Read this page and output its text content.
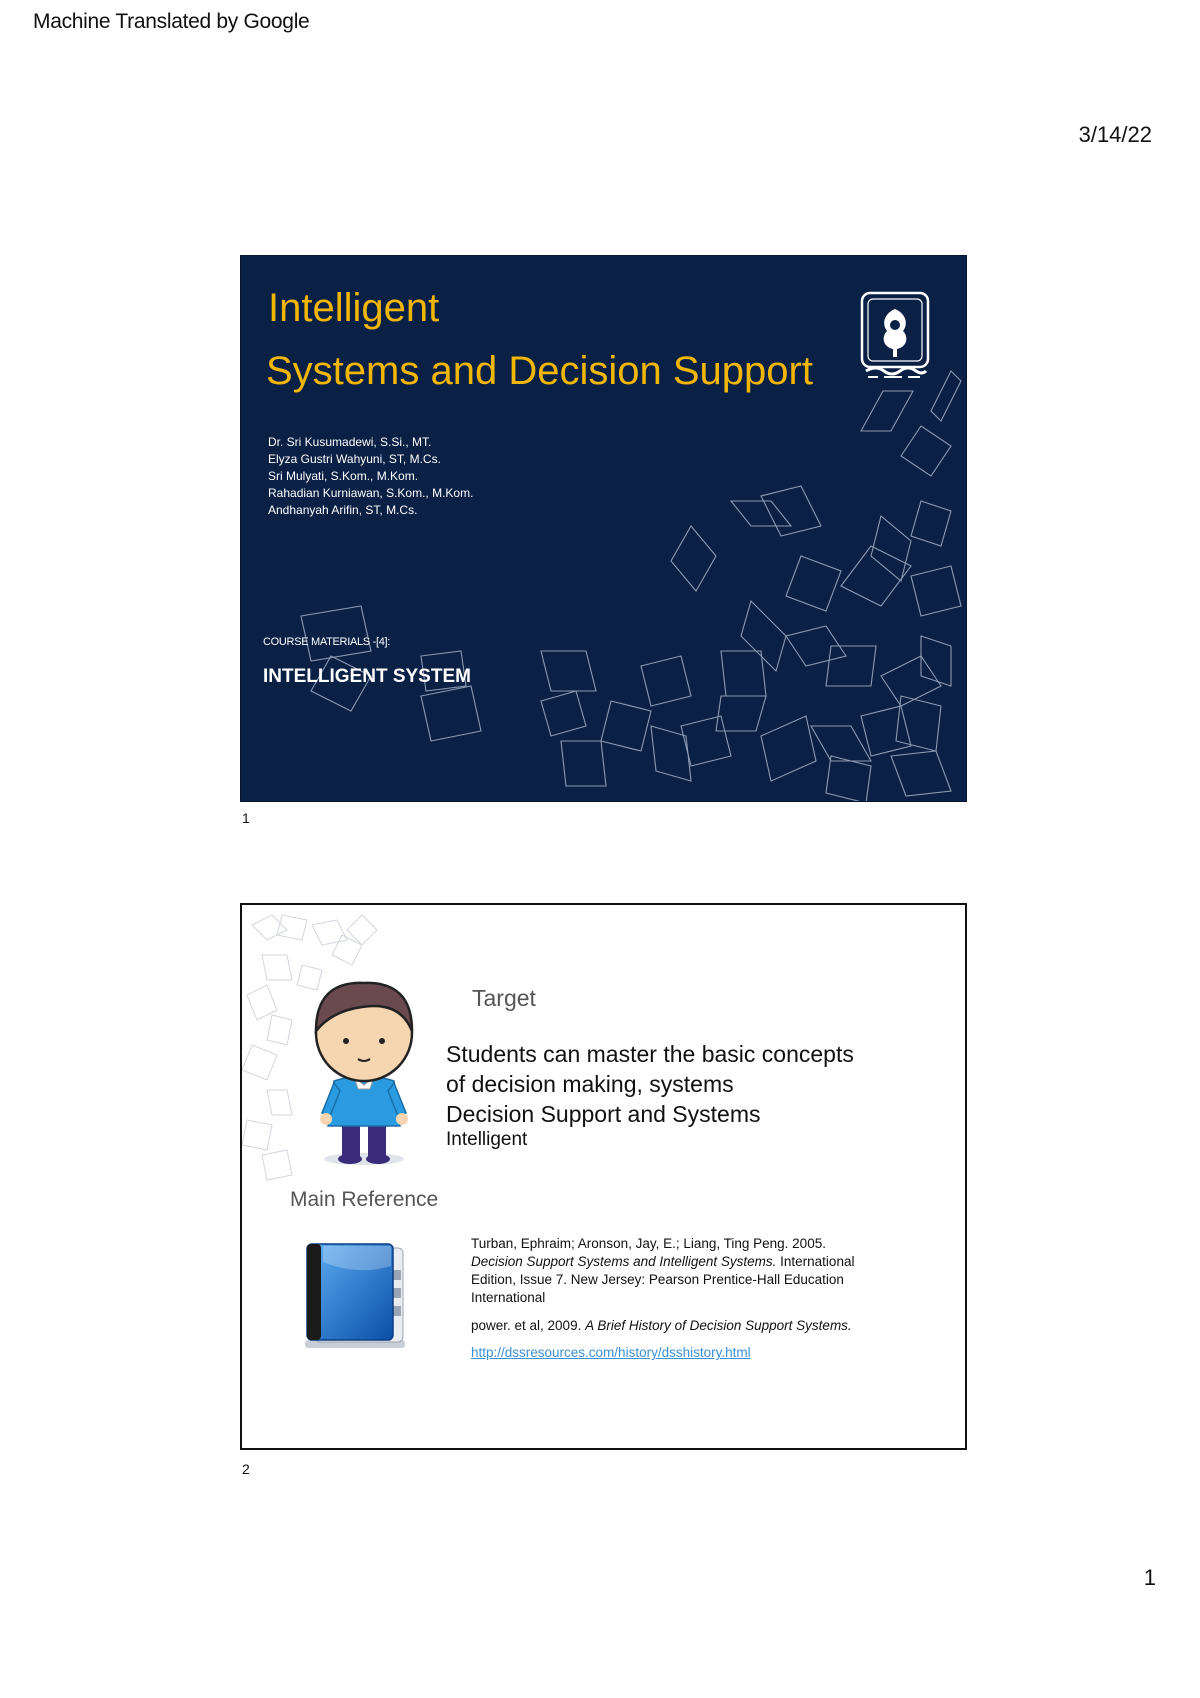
Machine Translated by Google
3/14/22
Intelligent
Systems and Decision Support
Dr. Sri Kusumadewi, S.Si., MT.
Elyza Gustri Wahyuni, ST, M.Cs.
Sri Mulyati, S.Kom., M.Kom.
Rahadian Kurniawan, S.Kom., M.Kom.
Andhanyah Arifin, ST, M.Cs.
COURSE MATERIALS -[4]:
INTELLIGENT SYSTEM
1
Target
Students can master the basic concepts
of decision making, systems
Decision Support and Systems
Intelligent
Main Reference
Turban, Ephraim; Aronson, Jay, E.; Liang, Ting Peng. 2005.
Decision Support Systems and Intelligent Systems. International
Edition, Issue 7. New Jersey: Pearson Prentice-Hall Education
International
power. et al, 2009. A Brief History of Decision Support Systems.
http://dssresources.com/history/dsshistory.html
2
1
